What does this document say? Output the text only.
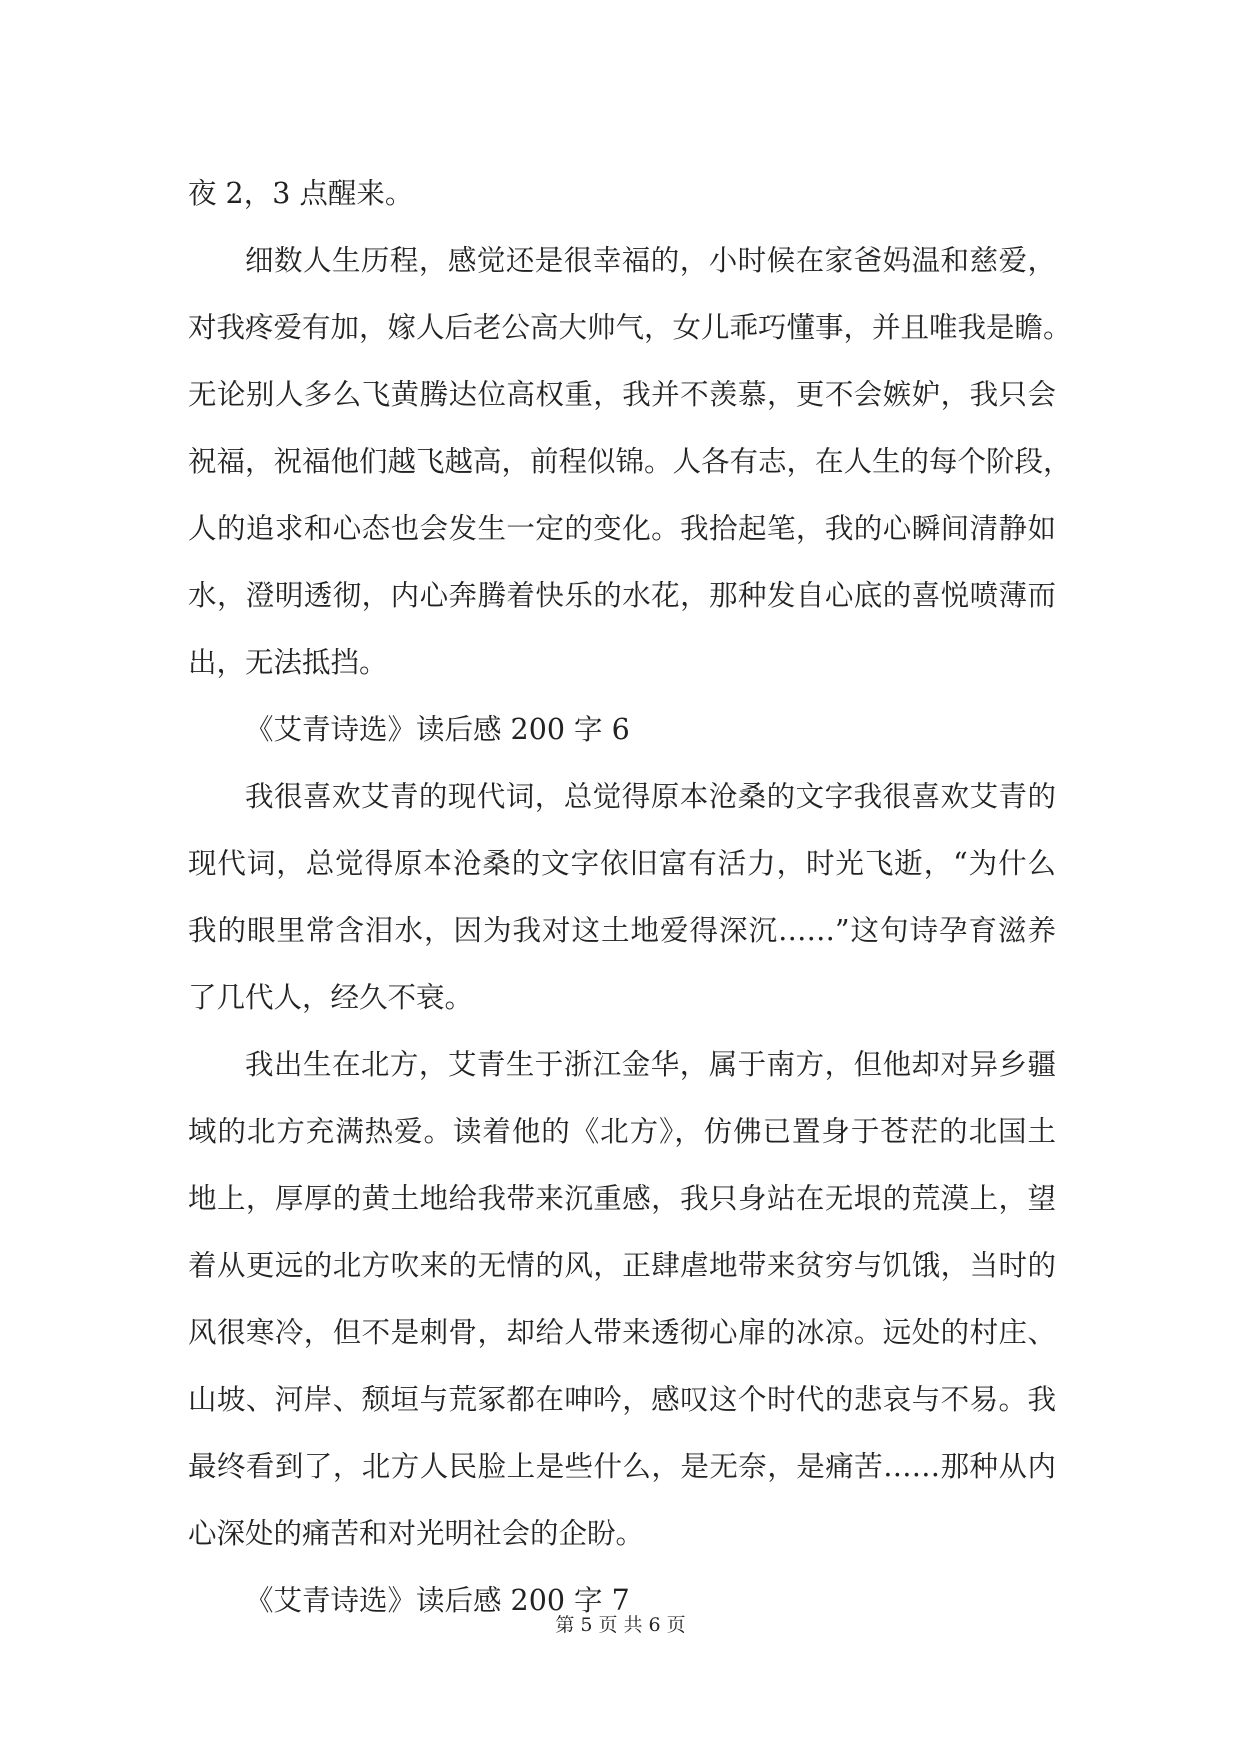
夜 2，3 点醒来。
细数人生历程，感觉还是很幸福的，小时候在家爸妈温和慈爱，
对我疼爱有加，嫁人后老公高大帅气，女儿乖巧懂事，并且唯我是瞻。
无论别人多么飞黄腾达位高权重，我并不羡慕，更不会嫉妒，我只会
祝福，祝福他们越飞越高，前程似锦。人各有志，在人生的每个阶段，
人的追求和心态也会发生一定的变化。我拾起笔，我的心瞬间清静如
水，澄明透彻，内心奔腾着快乐的水花，那种发自心底的喜悦喷薄而
出，无法抵挡。
《艾青诗选》读后感 200 字 6
我很喜欢艾青的现代词，总觉得原本沧桑的文字我很喜欢艾青的
现代词，总觉得原本沧桑的文字依旧富有活力，时光飞逝，“为什么
我的眼里常含泪水，因为我对这土地爱得深沉……”这句诗孕育滋养
了几代人，经久不衰。
我出生在北方，艾青生于浙江金华，属于南方，但他却对异乡疆
域的北方充满热爱。读着他的《北方》，仿佛已置身于苍茫的北国土
地上，厚厚的黄土地给我带来沉重感，我只身站在无垠的荒漠上，望
着从更远的北方吹来的无情的风，正肆虐地带来贫穷与饥饿，当时的
风很寒冷，但不是刺骨，却给人带来透彻心扉的冰凉。远处的村庄、
山坡、河岸、颓垣与荒冢都在呻吟，感叹这个时代的悲哀与不易。我
最终看到了，北方人民脸上是些什么，是无奈，是痛苦……那种从内
心深处的痛苦和对光明社会的企盼。
《艾青诗选》读后感 200 字 7
第 5 页 共 6 页
